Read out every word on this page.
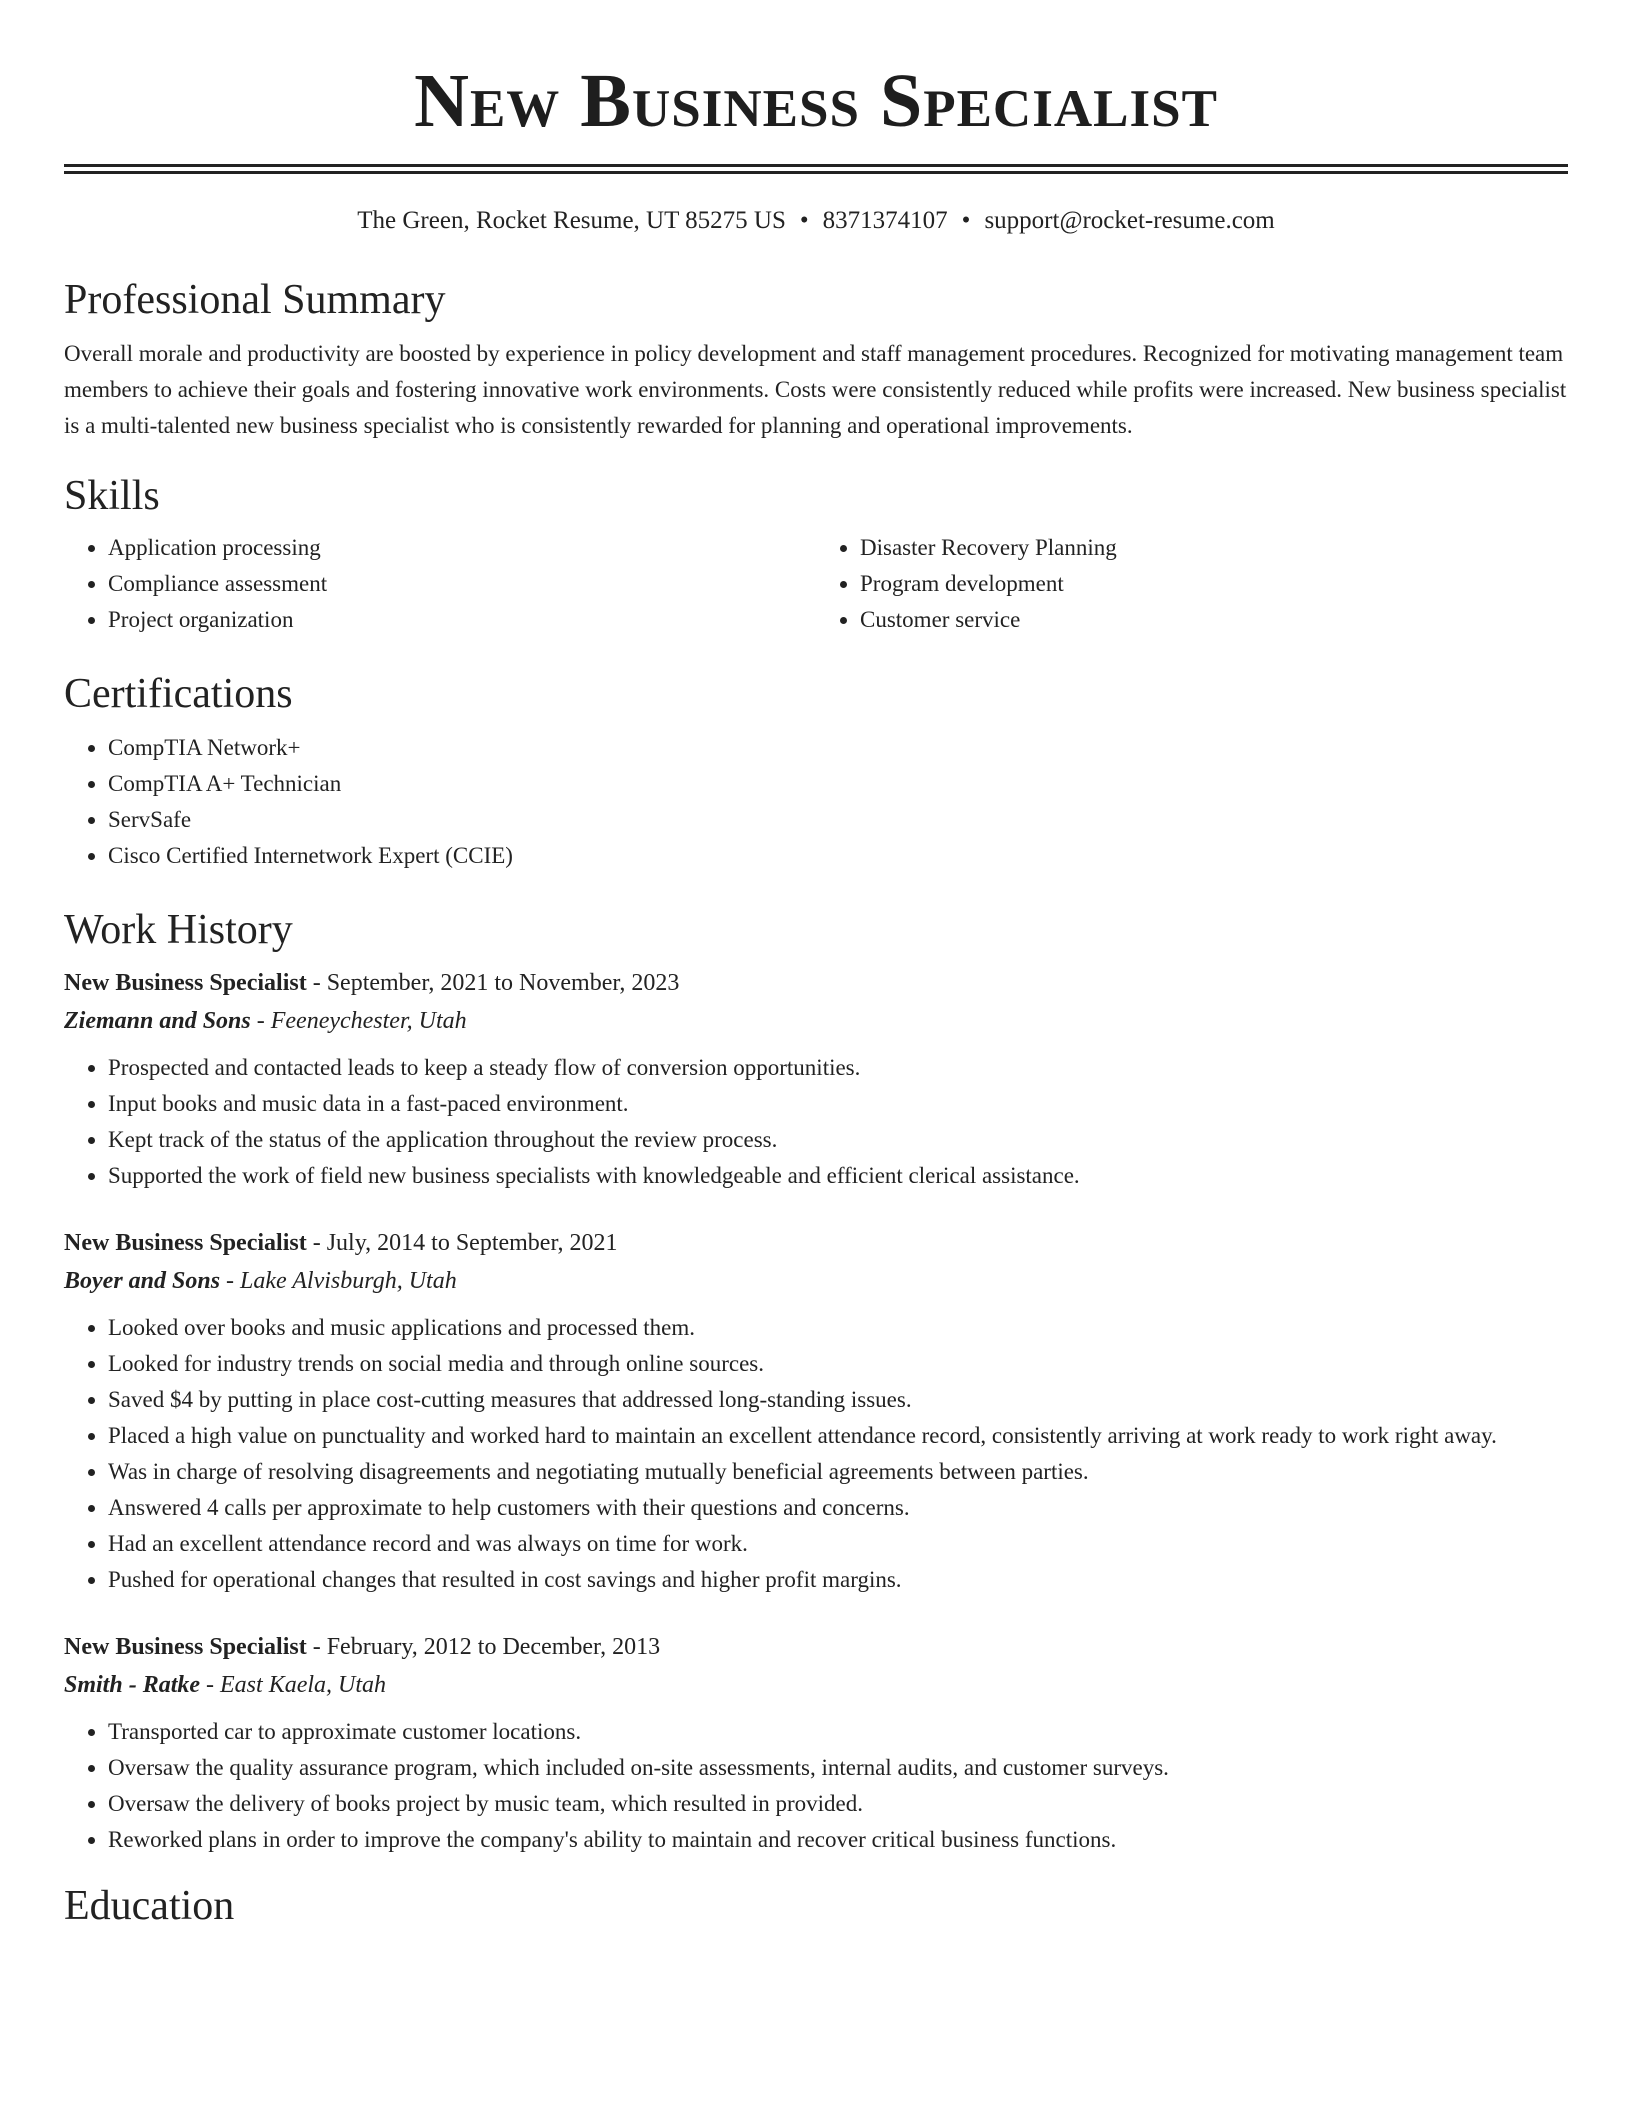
New Business Specialist
The Green, Rocket Resume, UT 85275 US • 8371374107 • support@rocket-resume.com
Professional Summary

Overall morale and productivity are boosted by experience in policy development and staff management procedures. Recognized for motivating management team members to achieve their goals and fostering innovative work environments. Costs were consistently reduced while profits were increased. New business specialist is a multi-talented new business specialist who is consistently rewarded for planning and operational improvements.

Skills
• Application processing
• Compliance assessment
• Project organization
• Disaster Recovery Planning
• Program development
• Customer service
Certifications
• CompTIA Network+
• CompTIA A+ Technician
• ServSafe
• Cisco Certified Internetwork Expert (CCIE)
Work History
New Business Specialist - September, 2021 to November, 2023
Ziemann and Sons - Feeneychester, Utah
• Prospected and contacted leads to keep a steady flow of conversion opportunities.
• Input books and music data in a fast-paced environment.
• Kept track of the status of the application throughout the review process.
• Supported the work of field new business specialists with knowledgeable and efficient clerical assistance.
New Business Specialist - July, 2014 to September, 2021
Boyer and Sons - Lake Alvisburgh, Utah
• Looked over books and music applications and processed them.
• Looked for industry trends on social media and through online sources.
• Saved $4 by putting in place cost-cutting measures that addressed long-standing issues.
• Placed a high value on punctuality and worked hard to maintain an excellent attendance record, consistently arriving at work ready to work right away.
• Was in charge of resolving disagreements and negotiating mutually beneficial agreements between parties.
• Answered 4 calls per approximate to help customers with their questions and concerns.
• Had an excellent attendance record and was always on time for work.
• Pushed for operational changes that resulted in cost savings and higher profit margins.
New Business Specialist - February, 2012 to December, 2013
Smith - Ratke - East Kaela, Utah
• Transported car to approximate customer locations.
• Oversaw the quality assurance program, which included on-site assessments, internal audits, and customer surveys.
• Oversaw the delivery of books project by music team, which resulted in provided.
• Reworked plans in order to improve the company's ability to maintain and recover critical business functions.
Education
